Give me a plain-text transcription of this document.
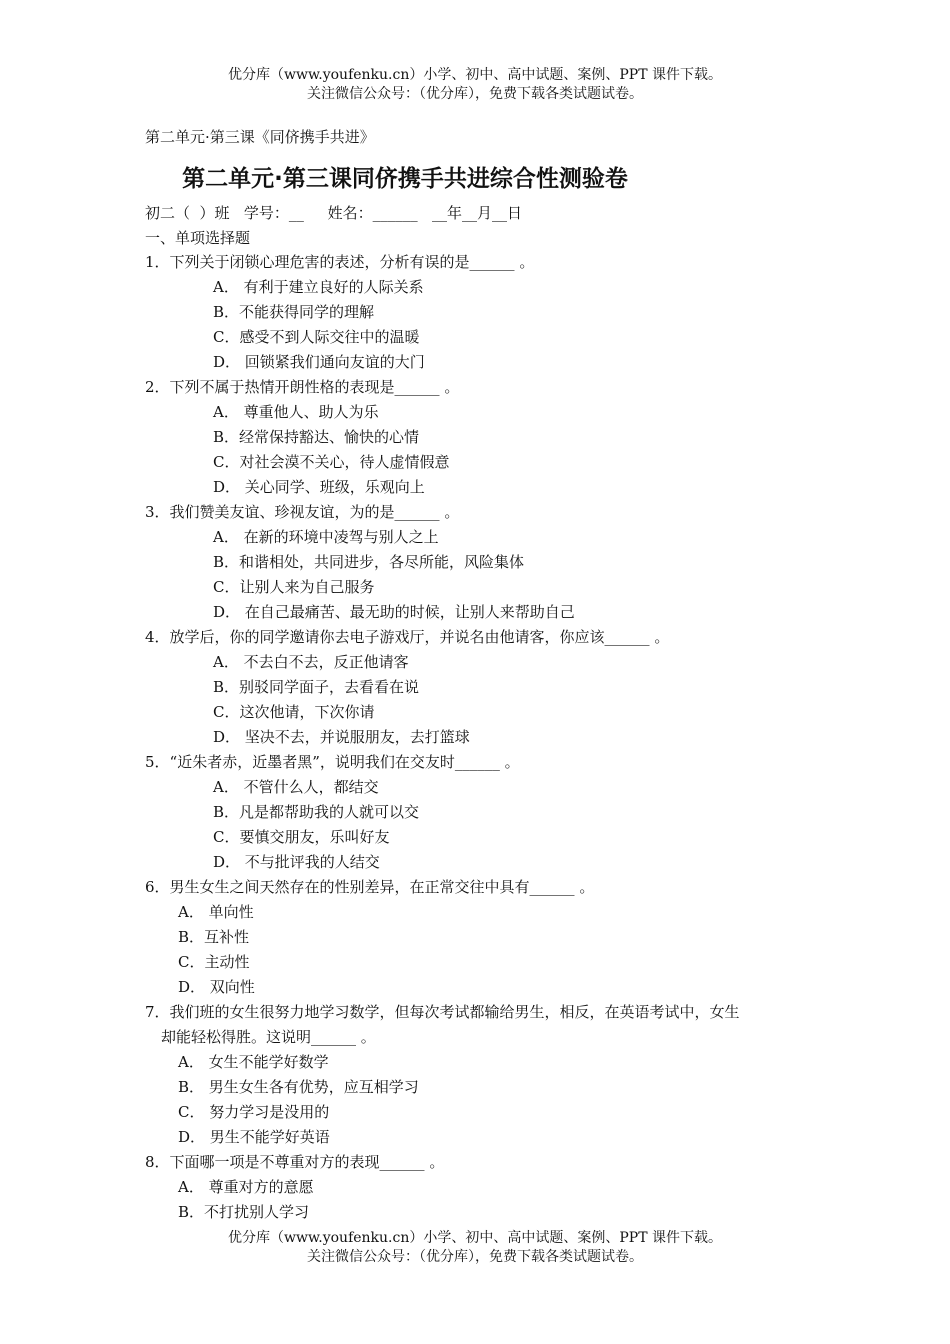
优分库（www.youfenku.cn）小学、初中、高中试题、案例、PPT 课件下载。
关注微信公众号：（优分库），免费下载各类试题试卷。
第二单元·第三课《同侪携手共进》
第二单元·第三课同侪携手共进综合性测验卷
初二（  ）班   学号：__     姓名：______   __年__月__日
一、单项选择题
1．下列关于闭锁心理危害的表述，分析有误的是______ 。
A． 有利于建立良好的人际关系
B．不能获得同学的理解
C．感受不到人际交往中的温暖
D． 回锁紧我们通向友谊的大门
2．下列不属于热情开朗性格的表现是______ 。
A． 尊重他人、助人为乐
B．经常保持豁达、愉快的心情
C．对社会漠不关心，待人虚情假意
D． 关心同学、班级，乐观向上
3．我们赞美友谊、珍视友谊，为的是______ 。
A． 在新的环境中凌驾与别人之上
B．和谐相处，共同进步，各尽所能，风险集体
C．让别人来为自己服务
D． 在自己最痛苦、最无助的时候，让别人来帮助自己
4．放学后，你的同学邀请你去电子游戏厅，并说名由他请客，你应该______ 。
A． 不去白不去，反正他请客
B．别驳同学面子，去看看在说
C．这次他请，下次你请
D． 坚决不去，并说服朋友，去打篮球
5．“近朱者赤，近墨者黑”，说明我们在交友时______ 。
A． 不管什么人，都结交
B．凡是都帮助我的人就可以交
C．要慎交朋友，乐叫好友
D． 不与批评我的人结交
6．男生女生之间天然存在的性别差异，在正常交往中具有______ 。
A． 单向性
B．互补性
C．主动性
D． 双向性
7．我们班的女生很努力地学习数学，但每次考试都输给男生，相反，在英语考试中，女生
却能轻松得胜。这说明______ 。
A． 女生不能学好数学
B． 男生女生各有优势，应互相学习
C． 努力学习是没用的
D． 男生不能学好英语
8．下面哪一项是不尊重对方的表现______ 。
A． 尊重对方的意愿
B．不打扰别人学习
优分库（www.youfenku.cn）小学、初中、高中试题、案例、PPT 课件下载。
关注微信公众号：（优分库），免费下载各类试题试卷。
